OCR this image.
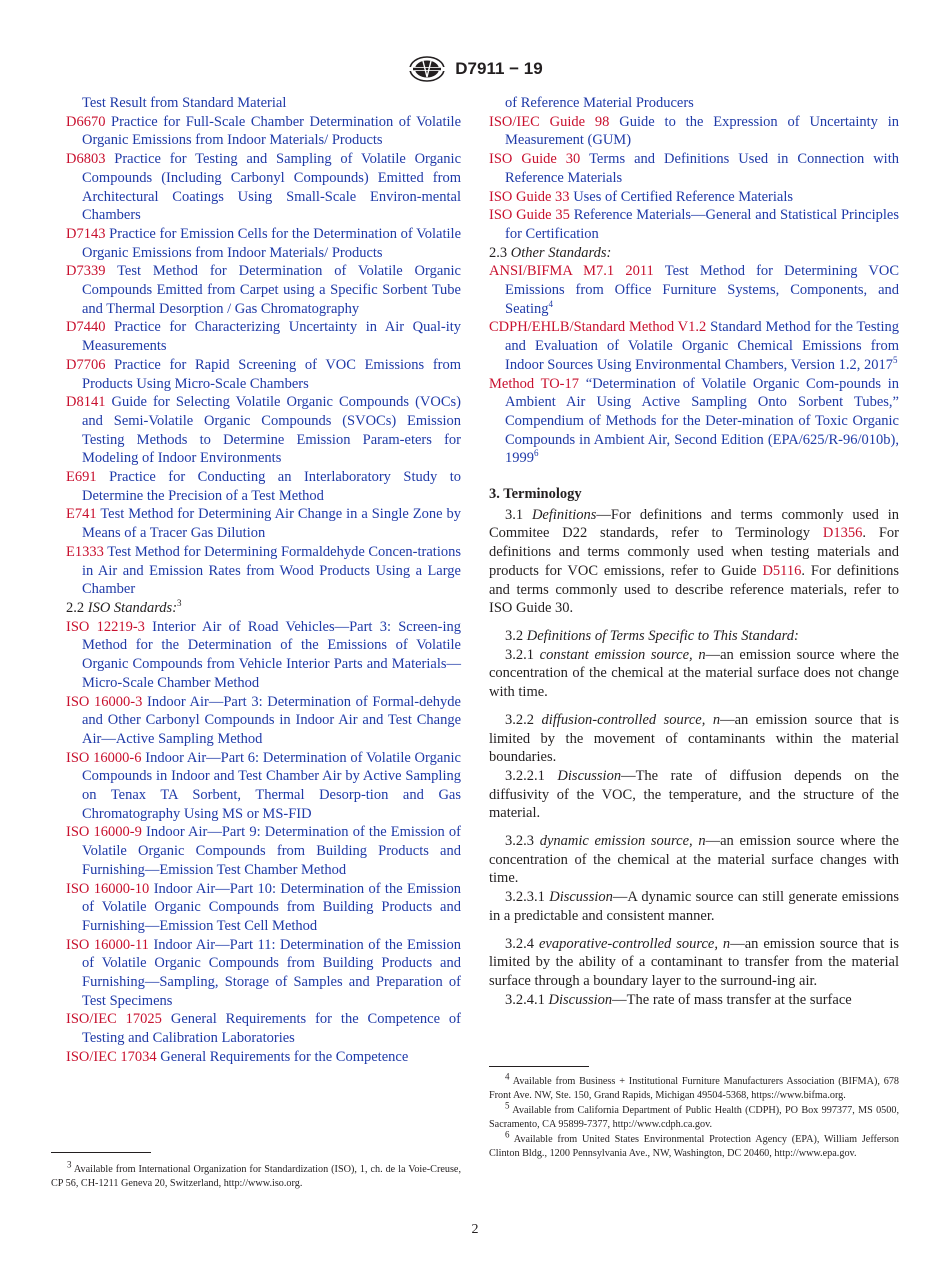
D7911 − 19

Test Result from Standard Material

D6670 Practice for Full-Scale Chamber Determination of Volatile Organic Emissions from Indoor Materials/ Products

D6803 Practice for Testing and Sampling of Volatile Organic Compounds (Including Carbonyl Compounds) Emitted from Architectural Coatings Using Small-Scale Environ-mental Chambers

D7143 Practice for Emission Cells for the Determination of Volatile Organic Emissions from Indoor Materials/ Products

D7339 Test Method for Determination of Volatile Organic Compounds Emitted from Carpet using a Specific Sorbent Tube and Thermal Desorption / Gas Chromatography

D7440 Practice for Characterizing Uncertainty in Air Qual-ity Measurements

D7706 Practice for Rapid Screening of VOC Emissions from Products Using Micro-Scale Chambers

D8141 Guide for Selecting Volatile Organic Compounds (VOCs) and Semi-Volatile Organic Compounds (SVOCs) Emission Testing Methods to Determine Emission Param-eters for Modeling of Indoor Environments

E691 Practice for Conducting an Interlaboratory Study to Determine the Precision of a Test Method

E741 Test Method for Determining Air Change in a Single Zone by Means of a Tracer Gas Dilution

E1333 Test Method for Determining Formaldehyde Concen-trations in Air and Emission Rates from Wood Products Using a Large Chamber

2.2 ISO Standards:$^3$

ISO 12219-3 Interior Air of Road Vehicles—Part 3: Screen-ing Method for the Determination of the Emissions of Volatile Organic Compounds from Vehicle Interior Parts and Materials—Micro-Scale Chamber Method

ISO 16000-3 Indoor Air—Part 3: Determination of Formal-dehyde and Other Carbonyl Compounds in Indoor Air and Test Change Air—Active Sampling Method

ISO 16000-6 Indoor Air—Part 6: Determination of Volatile Organic Compounds in Indoor and Test Chamber Air by Active Sampling on Tenax TA Sorbent, Thermal Desorp-tion and Gas Chromatography Using MS or MS-FID

ISO 16000-9 Indoor Air—Part 9: Determination of the Emission of Volatile Organic Compounds from Building Products and Furnishing—Emission Test Chamber Method

ISO 16000-10 Indoor Air—Part 10: Determination of the Emission of Volatile Organic Compounds from Building Products and Furnishing—Emission Test Cell Method

ISO 16000-11 Indoor Air—Part 11: Determination of the Emission of Volatile Organic Compounds from Building Products and Furnishing—Sampling, Storage of Samples and Preparation of Test Specimens

ISO/IEC 17025 General Requirements for the Competence of Testing and Calibration Laboratories

ISO/IEC 17034 General Requirements for the Competence

of Reference Material Producers

ISO/IEC Guide 98 Guide to the Expression of Uncertainty in Measurement (GUM)

ISO Guide 30 Terms and Definitions Used in Connection with Reference Materials

ISO Guide 33 Uses of Certified Reference Materials

ISO Guide 35 Reference Materials—General and Statistical Principles for Certification

2.3 Other Standards:

ANSI/BIFMA M7.1 2011 Test Method for Determining VOC Emissions from Office Furniture Systems, Components, and Seating$^4$

CDPH/EHLB/Standard Method V1.2 Standard Method for the Testing and Evaluation of Volatile Organic Chemical Emissions from Indoor Sources Using Environmental Chambers, Version 1.2, 2017$^5$

Method TO-17 “Determination of Volatile Organic Com-pounds in Ambient Air Using Active Sampling Onto Sorbent Tubes,” Compendium of Methods for the Deter-mination of Toxic Organic Compounds in Ambient Air, Second Edition (EPA/625/R-96/010b), 1999$^6$

3. Terminology

3.1 Definitions—For definitions and terms commonly used in Commitee D22 standards, refer to Terminology D1356. For definitions and terms commonly used when testing materials and products for VOC emissions, refer to Guide D5116. For definitions and terms commonly used to describe reference materials, refer to ISO Guide 30.

3.2 Definitions of Terms Specific to This Standard:

3.2.1 constant emission source, n—an emission source where the concentration of the chemical at the material surface does not change with time.

3.2.2 diffusion-controlled source, n—an emission source that is limited by the movement of contaminants within the material boundaries.

3.2.2.1 Discussion—The rate of diffusion depends on the diffusivity of the VOC, the temperature, and the structure of the material.

3.2.3 dynamic emission source, n—an emission source where the concentration of the chemical at the material surface changes with time.

3.2.3.1 Discussion—A dynamic source can still generate emissions in a predictable and consistent manner.

3.2.4 evaporative-controlled source, n—an emission source that is limited by the ability of a contaminant to transfer from the material surface through a boundary layer to the surround-ing air.

3.2.4.1 Discussion—The rate of mass transfer at the surface

$^3$ Available from International Organization for Standardization (ISO), 1, ch. de la Voie-Creuse, CP 56, CH-1211 Geneva 20, Switzerland, http://www.iso.org.

$^4$ Available from Business + Institutional Furniture Manufacturers Association (BIFMA), 678 Front Ave. NW, Ste. 150, Grand Rapids, Michigan 49504-5368, https://www.bifma.org.

$^5$ Available from California Department of Public Health (CDPH), PO Box 997377, MS 0500, Sacramento, CA 95899-7377, http://www.cdph.ca.gov.

$^6$ Available from United States Environmental Protection Agency (EPA), William Jefferson Clinton Bldg., 1200 Pennsylvania Ave., NW, Washington, DC 20460, http://www.epa.gov.

2
